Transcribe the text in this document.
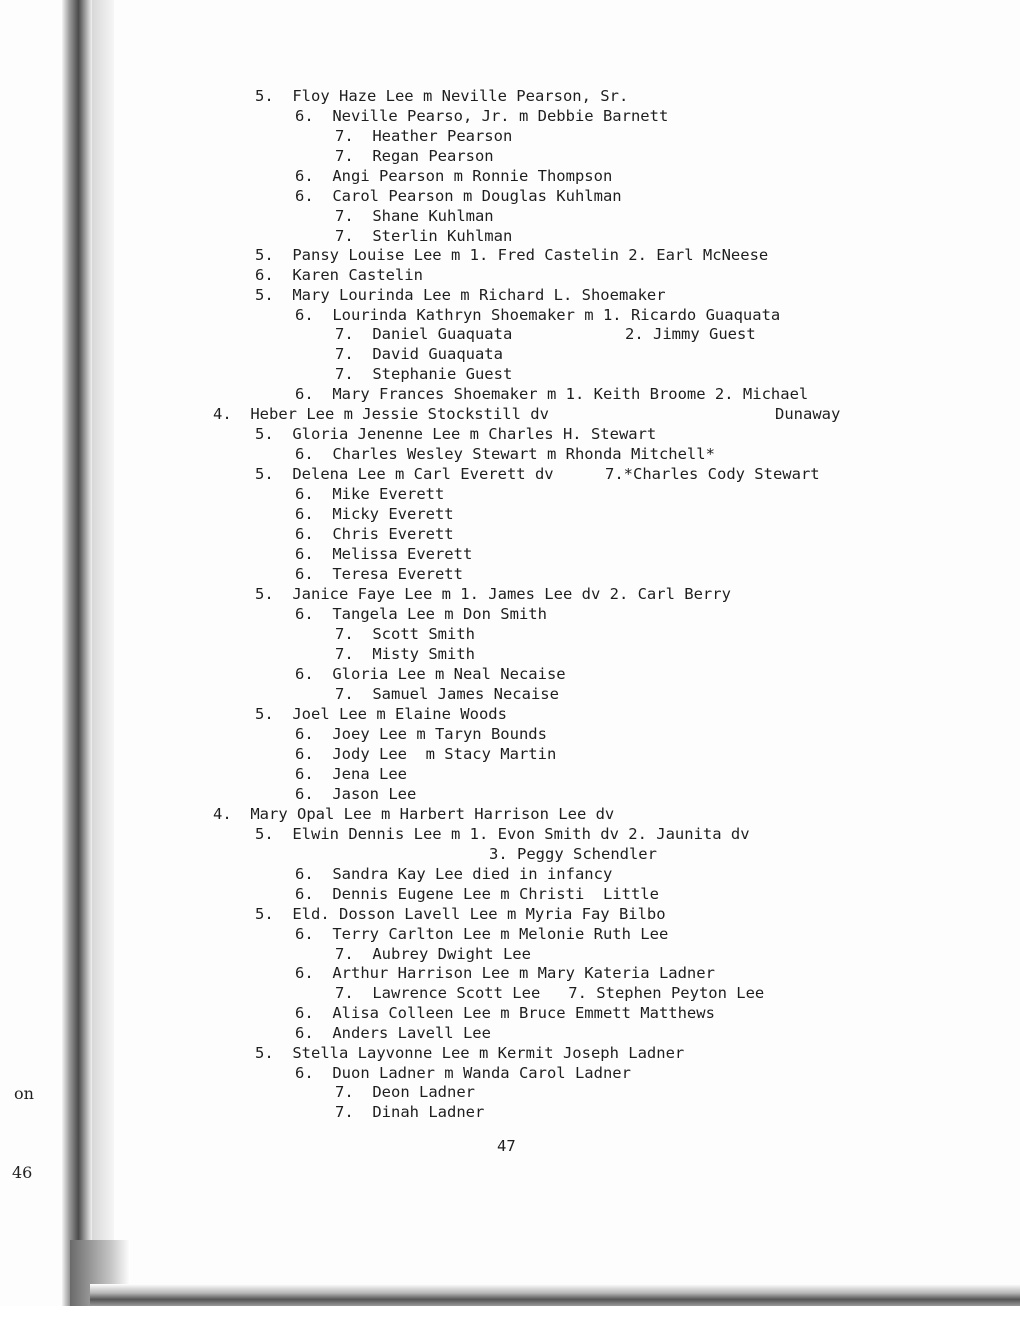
on
46
5.  Floy Haze Lee m Neville Pearson, Sr.
6.  Neville Pearso, Jr. m Debbie Barnett
7.  Heather Pearson
7.  Regan Pearson
6.  Angi Pearson m Ronnie Thompson
6.  Carol Pearson m Douglas Kuhlman
7.  Shane Kuhlman
7.  Sterlin Kuhlman
5.  Pansy Louise Lee m 1. Fred Castelin 2. Earl McNeese
6.  Karen Castelin
5.  Mary Lourinda Lee m Richard L. Shoemaker
6.  Lourinda Kathryn Shoemaker m 1. Ricardo Guaquata
7.  Daniel Guaquata	2. Jimmy Guest
7.  David Guaquata
7.  Stephanie Guest
6.  Mary Frances Shoemaker m 1. Keith Broome 2. Michael
4.  Heber Lee m Jessie Stockstill dv	Dunaway
5.  Gloria Jenenne Lee m Charles H. Stewart
6.  Charles Wesley Stewart m Rhonda Mitchell*
5.  Delena Lee m Carl Everett dv	7.*Charles Cody Stewart
6.  Mike Everett
6.  Micky Everett
6.  Chris Everett
6.  Melissa Everett
6.  Teresa Everett
5.  Janice Faye Lee m 1. James Lee dv 2. Carl Berry
6.  Tangela Lee m Don Smith
7.  Scott Smith
7.  Misty Smith
6.  Gloria Lee m Neal Necaise
7.  Samuel James Necaise
5.  Joel Lee m Elaine Woods
6.  Joey Lee m Taryn Bounds
6.  Jody Lee  m Stacy Martin
6.  Jena Lee
6.  Jason Lee
4.  Mary Opal Lee m Harbert Harrison Lee dv
5.  Elwin Dennis Lee m 1. Evon Smith dv 2. Jaunita dv
3. Peggy Schendler
6.  Sandra Kay Lee died in infancy
6.  Dennis Eugene Lee m Christi  Little
5.  Eld. Dosson Lavell Lee m Myria Fay Bilbo
6.  Terry Carlton Lee m Melonie Ruth Lee
7.  Aubrey Dwight Lee
6.  Arthur Harrison Lee m Mary Kateria Ladner
7.  Lawrence Scott Lee   7. Stephen Peyton Lee
6.  Alisa Colleen Lee m Bruce Emmett Matthews
6.  Anders Lavell Lee
5.  Stella Layvonne Lee m Kermit Joseph Ladner
6.  Duon Ladner m Wanda Carol Ladner
7.  Deon Ladner
7.  Dinah Ladner
47
